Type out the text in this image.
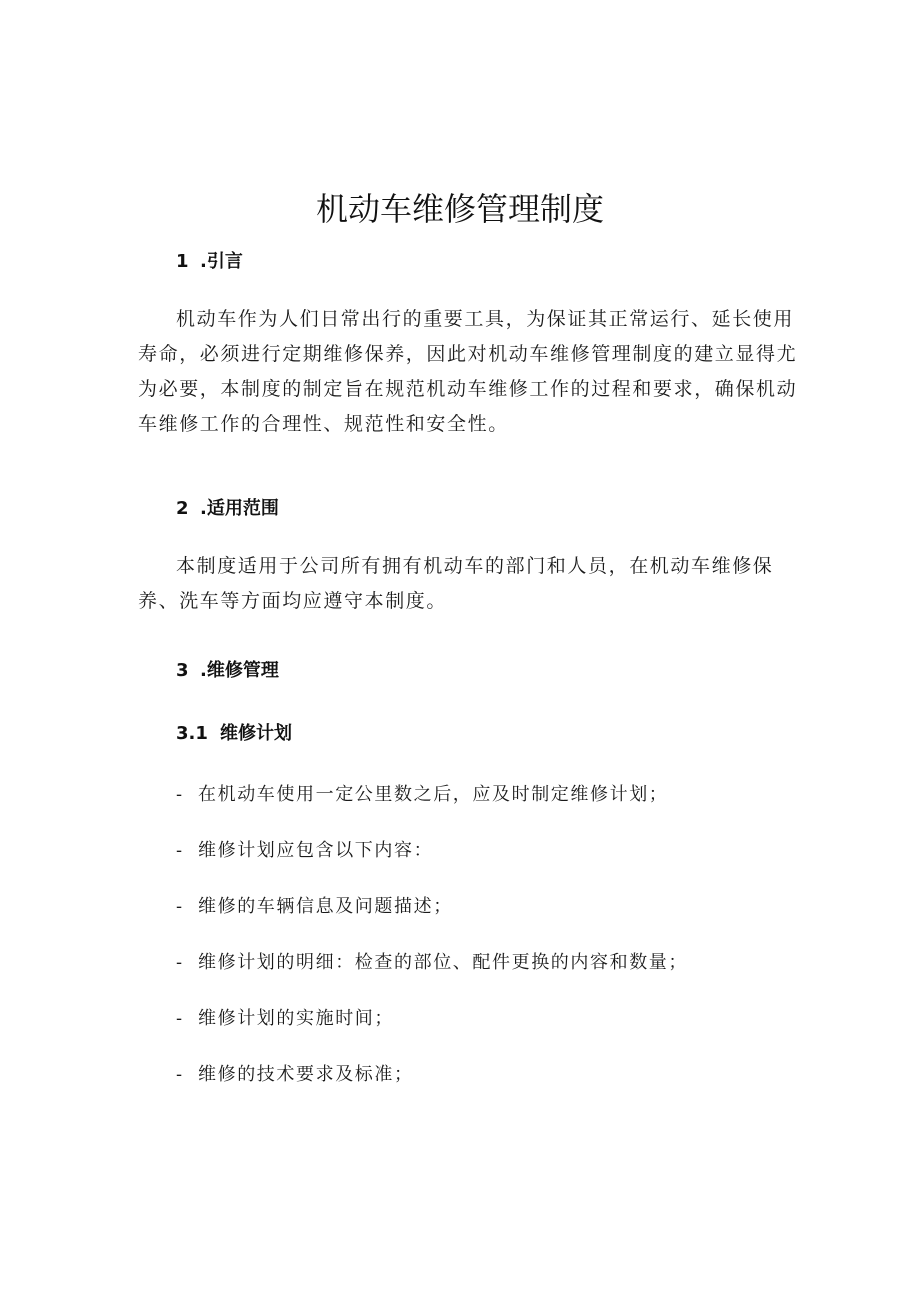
机动车维修管理制度
1 .引言

机动车作为人们日常出行的重要工具，为保证其正常运行、延长使用寿命，必须进行定期维修保养，因此对机动车维修管理制度的建立显得尤为必要，本制度的制定旨在规范机动车维修工作的过程和要求，确保机动车维修工作的合理性、规范性和安全性。

2 .适用范围

本制度适用于公司所有拥有机动车的部门和人员，在机动车维修保养、洗车等方面均应遵守本制度。

3 .维修管理
3.1 维修计划

- 在机动车使用一定公里数之后，应及时制定维修计划；

- 维修计划应包含以下内容：

- 维修的车辆信息及问题描述；

- 维修计划的明细：检查的部位、配件更换的内容和数量；

- 维修计划的实施时间；

- 维修的技术要求及标准；
